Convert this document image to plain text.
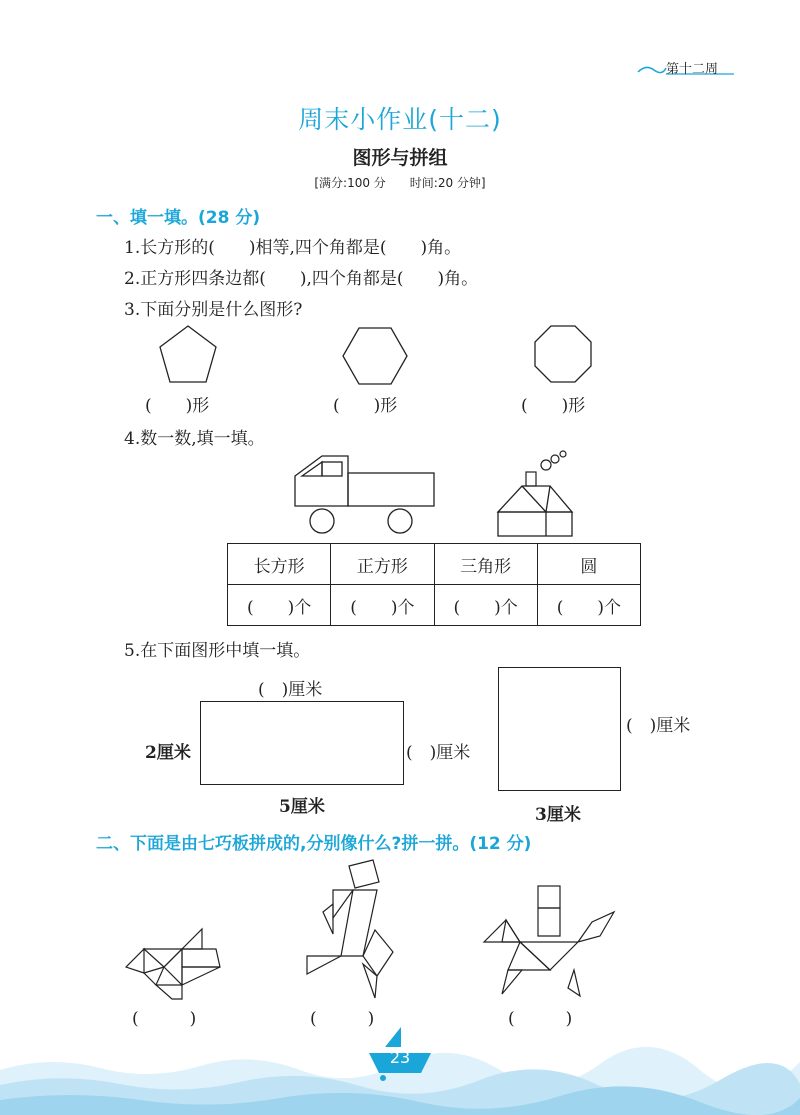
第十二周
周末小作业(十二)
图形与拼组
[满分:100 分　　时间:20 分钟]
一、填一填。(28 分)
1.长方形的(　　)相等,四个角都是(　　)角。
2.正方形四条边都(　　),四个角都是(　　)角。
3.下面分别是什么图形?
(　　)形	(　　)形	(　　)形
4.数一数,填一填。
长方形	正方形	三角形	圆
(　　)个	(　　)个	(　　)个	(　　)个
5.在下面图形中填一填。
(　)厘米
2厘米	(　)厘米
5厘米
(　)厘米
3厘米
二、下面是由七巧板拼成的,分别像什么?拼一拼。(12 分)
(　　　)	(　　　)	(　　　)
23
